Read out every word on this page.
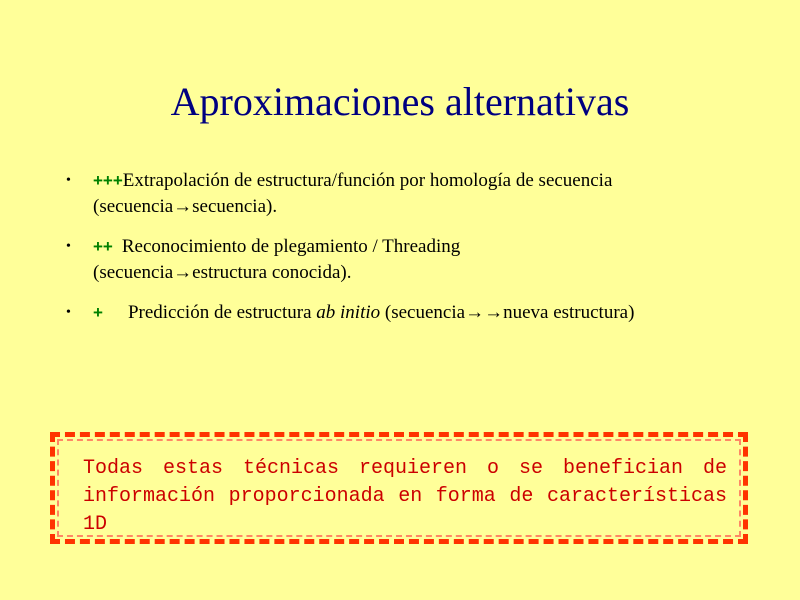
Aproximaciones alternativas
• +++Extrapolación de estructura/función por homología de secuencia
(secuencia→secuencia).
• ++ Reconocimiento de plegamiento / Threading
(secuencia→estructura conocida).
• + Predicción de estructura ab initio (secuencia→→nueva estructura)
Todas estas técnicas requieren o se benefician de información proporcionada en forma de características 1D
